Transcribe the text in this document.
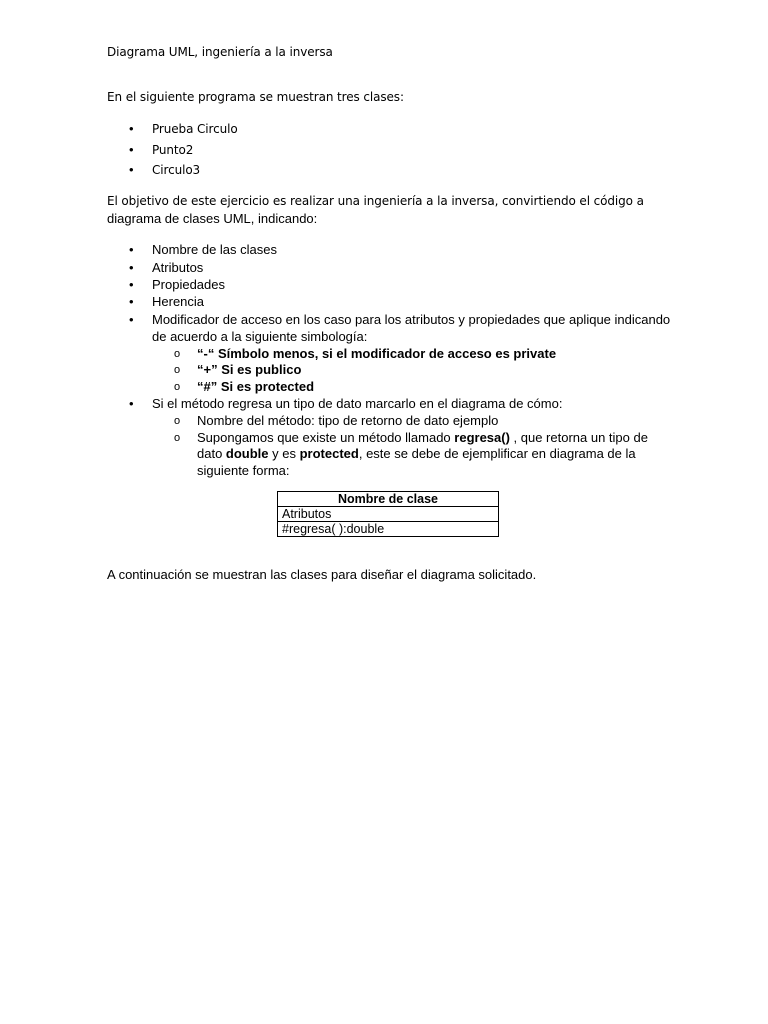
Diagrama UML, ingeniería a la inversa
En el siguiente programa se muestran tres clases:
• Prueba Circulo
• Punto2
• Circulo3
El objetivo de este ejercicio es realizar una ingeniería a la inversa, convirtiendo el código a
diagrama de clases UML, indicando:
• Nombre de las clases
• Atributos
• Propiedades
• Herencia
• Modificador de acceso en los caso para los atributos y propiedades que aplique indicando
de acuerdo a la siguiente simbología:
o “-“ Símbolo menos, si el modificador de acceso es private
o “+” Si es publico
o “#” Si es protected
• Si el método regresa un tipo de dato marcarlo en el diagrama de cómo:
o Nombre del método: tipo de retorno de dato ejemplo
o Supongamos que existe un método llamado regresa() , que retorna un tipo de
dato double y es protected, este se debe de ejemplificar en diagrama de la
siguiente forma:
Nombre de clase
Atributos
#regresa( ):double
A continuación se muestran las clases para diseñar el diagrama solicitado.
